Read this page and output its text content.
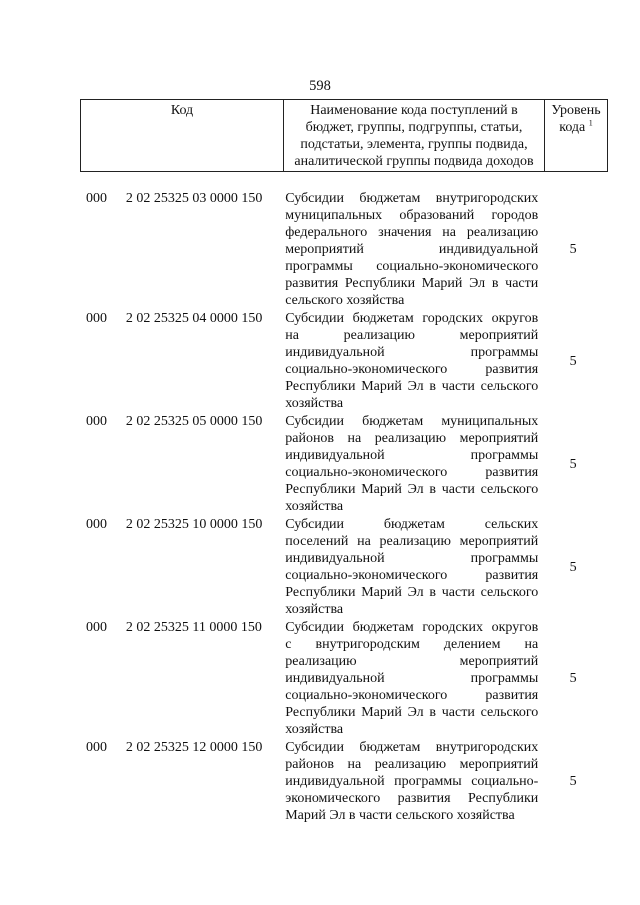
598
Код	Наименование кода поступлений в
бюджет, группы, подгруппы, статьи,
подстатьи, элемента, группы подвида,
аналитической группы подвида доходов	Уровень
кода $^1$
000	2 02 25325 03 0000 150	Субсидии бюджетам внутригородских
муниципальных образований городов
федерального значения на реализацию
мероприятий индивидуальной
программы социально-экономического
развития Республики Марий Эл в части
сельского хозяйства
5
000	2 02 25325 04 0000 150	Субсидии бюджетам городских округов
на реализацию мероприятий
индивидуальной программы
социально-экономического развития
Республики Марий Эл в части сельского
хозяйства
5
000	2 02 25325 05 0000 150	Субсидии бюджетам муниципальных
районов на реализацию мероприятий
индивидуальной программы
социально-экономического развития
Республики Марий Эл в части сельского
хозяйства
5
000	2 02 25325 10 0000 150	Субсидии бюджетам сельских
поселений на реализацию мероприятий
индивидуальной программы
социально-экономического развития
Республики Марий Эл в части сельского
хозяйства
5
000	2 02 25325 11 0000 150	Субсидии бюджетам городских округов
с внутригородским делением на
реализацию мероприятий
индивидуальной программы
социально-экономического развития
Республики Марий Эл в части сельского
хозяйства
5
000	2 02 25325 12 0000 150	Субсидии бюджетам внутригородских
районов на реализацию мероприятий
индивидуальной программы социально-
экономического развития Республики
Марий Эл в части сельского хозяйства
5
